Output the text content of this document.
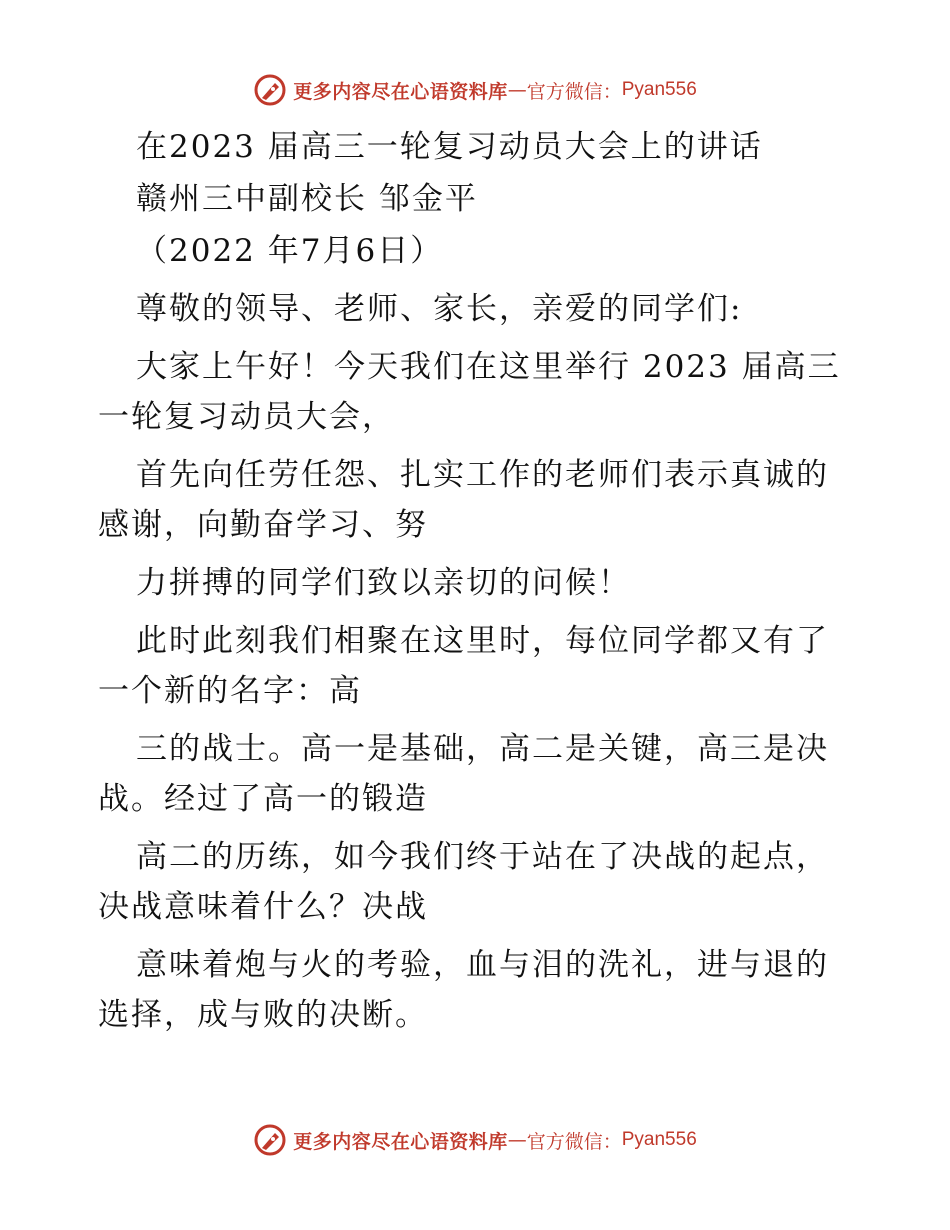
更多内容尽在心语资料库 — 官方微信： Pyan556
在2023 届高三一轮复习动员大会上的讲话
赣州三中副校长 邹金平
（2022 年7月6日）
尊敬的领导、老师、家长，亲爱的同学们:
大家上午好！今天我们在这里举行 2023 届高三一轮复习动员大会，
首先向任劳任怨、扎实工作的老师们表示真诚的感谢，向勤奋学习、努
力拼搏的同学们致以亲切的问候！
此时此刻我们相聚在这里时，每位同学都又有了一个新的名字：高
三的战士。高一是基础，高二是关键，高三是决战。经过了高一的锻造
高二的历练，如今我们终于站在了决战的起点，决战意味着什么？决战
意味着炮与火的考验，血与泪的洗礼，进与退的选择，成与败的决断。
更多内容尽在心语资料库 — 官方微信： Pyan556
